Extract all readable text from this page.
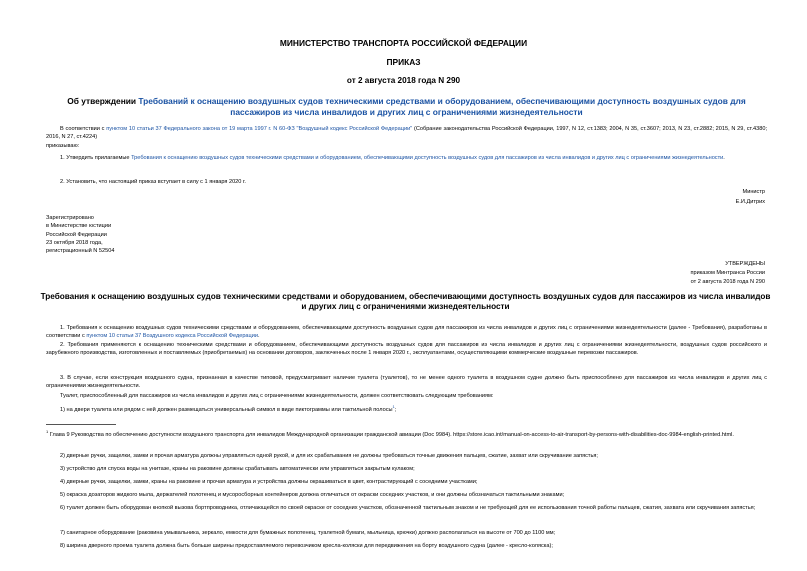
МИНИСТЕРСТВО ТРАНСПОРТА РОССИЙСКОЙ ФЕДЕРАЦИИ
ПРИКАЗ
от 2 августа 2018 года N 290
Об утверждении Требований к оснащению воздушных судов техническими средствами и оборудованием, обеспечивающими доступность воздушных судов для пассажиров из числа инвалидов и других лиц с ограничениями жизнедеятельности
В соответствии с пунктом 10 статьи 37 Федерального закона от 19 марта 1997 г. N 60-ФЗ "Воздушный кодекс Российской Федерации" (Собрание законодательства Российской Федерации, 1997, N 12, ст.1383; 2004, N 35, ст.3607; 2013, N 23, ст.2882; 2015, N 29, ст.4380; 2016, N 27, ст.4224)
приказываю:
1. Утвердить прилагаемые Требования к оснащению воздушных судов техническими средствами и оборудованием, обеспечивающими доступность воздушных судов для пассажиров из числа инвалидов и других лиц с ограничениями жизнедеятельности.
2. Установить, что настоящий приказ вступает в силу с 1 января 2020 г.
Министр
Е.И.Дитрих
Зарегистрировано
в Министерстве юстиции
Российской Федерации
23 октября 2018 года,
регистрационный N 52504
УТВЕРЖДЕНЫ
приказом Минтранса России
от 2 августа 2018 года N 290
Требования к оснащению воздушных судов техническими средствами и оборудованием, обеспечивающими доступность воздушных судов для пассажиров из числа инвалидов и других лиц с ограничениями жизнедеятельности
1. Требования к оснащению воздушных судов техническими средствами и оборудованием, обеспечивающими доступность воздушных судов для пассажиров из числа инвалидов и других лиц с ограничениями жизнедеятельности (далее - Требования), разработаны в соответствии с пунктом 10 статьи 37 Воздушного кодекса Российской Федерации.
2. Требования применяются к оснащению техническими средствами и оборудованием, обеспечивающими доступность воздушных судов для пассажиров из числа инвалидов и других лиц с ограничениями жизнедеятельности, воздушных судов российского и зарубежного производства, изготовленных и поставляемых (приобретаемых) на основании договоров, заключенных после 1 января 2020 г., эксплуатантами, осуществляющими коммерческие воздушные перевозки пассажиров.
3. В случае, если конструкция воздушного судна, признанная в качестве типовой, предусматривает наличие туалета (туалетов), то не менее одного туалета в воздушном судне должно быть приспособлено для пассажиров из числа инвалидов и других лиц с ограничениями жизнедеятельности.
Туалет, приспособленный для пассажиров из числа инвалидов и других лиц с ограничениями жизнедеятельности, должен соответствовать следующим требованиям:
1) на двери туалета или рядом с ней должен размещаться универсальный символ в виде пиктограммы или тактильной полосы$^1$;
$^1$ Глава 9 Руководства по обеспечению доступности воздушного транспорта для инвалидов Международной организации гражданской авиации (Doc 9984). https://store.icao.int/manual-on-access-to-air-transport-by-persons-with-disabilities-doc-9984-english-printed.html.
2) дверные ручки, защелки, замки и прочая арматура должны управляться одной рукой, и для их срабатывания не должны требоваться точные движения пальцев, сжатие, захват или скручивание запястья;
3) устройство для спуска воды на унитазе, краны на раковине должны срабатывать автоматически или управляться закрытым кулаком;
4) дверные ручки, защелки, замки, краны на раковине и прочая арматура и устройства должны окрашиваться в цвет, контрастирующий с соседними участками;
5) окраска дозаторов жидкого мыла, держателей полотенец и мусоросборных контейнеров должна отличаться от окраски соседних участков, и они должны обозначаться тактильными знаками;
6) туалет должен быть оборудован кнопкой вызова бортпроводника, отличающейся по своей окраске от соседних участков, обозначенной тактильным знаком и не требующей для ее использования точной работы пальцев, сжатия, захвата или скручивания запястья;
7) санитарное оборудование (раковина умывальника, зеркало, емкости для бумажных полотенец, туалетной бумаги, мыльница, крючки) должно располагаться на высоте от 700 до 1100 мм;
8) ширина дверного проема туалета должна быть больше ширины предоставляемого перевозчиком кресла-коляски для передвижения на борту воздушного судна (далее - кресло-коляска);
